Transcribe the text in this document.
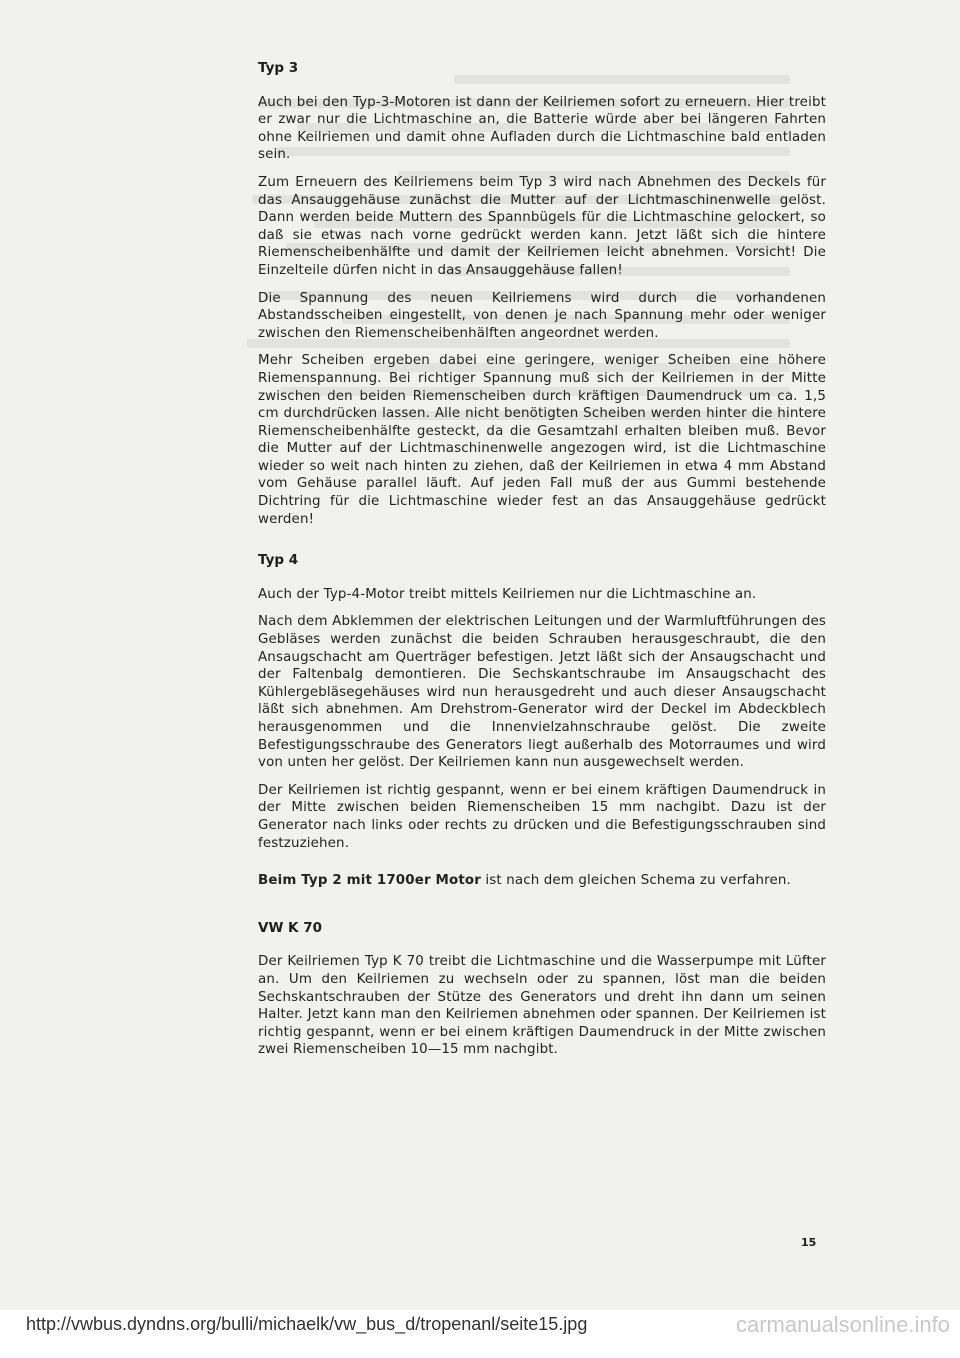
Typ 3

Auch bei den Typ-3-Motoren ist dann der Keilriemen sofort zu erneuern. Hier treibt er zwar nur die Lichtmaschine an, die Batterie würde aber bei längeren Fahrten ohne Keilriemen und damit ohne Aufladen durch die Lichtmaschine bald entladen sein.

Zum Erneuern des Keilriemens beim Typ 3 wird nach Abnehmen des Deckels für das Ansauggehäuse zunächst die Mutter auf der Lichtmaschinenwelle gelöst. Dann werden beide Muttern des Spannbügels für die Lichtmaschine gelockert, so daß sie etwas nach vorne gedrückt werden kann. Jetzt läßt sich die hintere Riemenscheibenhälfte und damit der Keilriemen leicht abnehmen. Vorsicht! Die Einzelteile dürfen nicht in das Ansauggehäuse fallen!

Die Spannung des neuen Keilriemens wird durch die vorhandenen Abstandsscheiben eingestellt, von denen je nach Spannung mehr oder weniger zwischen den Riemenscheibenhälften angeordnet werden.

Mehr Scheiben ergeben dabei eine geringere, weniger Scheiben eine höhere Riemenspannung. Bei richtiger Spannung muß sich der Keilriemen in der Mitte zwischen den beiden Riemenscheiben durch kräftigen Daumendruck um ca. 1,5 cm durchdrücken lassen. Alle nicht benötigten Scheiben werden hinter die hintere Riemenscheibenhälfte gesteckt, da die Gesamtzahl erhalten bleiben muß. Bevor die Mutter auf der Lichtmaschinenwelle angezogen wird, ist die Lichtmaschine wieder so weit nach hinten zu ziehen, daß der Keilriemen in etwa 4 mm Abstand vom Gehäuse parallel läuft. Auf jeden Fall muß der aus Gummi bestehende Dichtring für die Lichtmaschine wieder fest an das Ansauggehäuse gedrückt werden!

Typ 4

Auch der Typ-4-Motor treibt mittels Keilriemen nur die Lichtmaschine an.

Nach dem Abklemmen der elektrischen Leitungen und der Warmluftführungen des Gebläses werden zunächst die beiden Schrauben herausgeschraubt, die den Ansaugschacht am Querträger befestigen. Jetzt läßt sich der Ansaugschacht und der Faltenbalg demontieren. Die Sechskantschraube im Ansaugschacht des Kühlergebläsegehäuses wird nun herausgedreht und auch dieser Ansaugschacht läßt sich abnehmen. Am Drehstrom-Generator wird der Deckel im Abdeckblech herausgenommen und die Innenvielzahnschraube gelöst. Die zweite Befestigungsschraube des Generators liegt außerhalb des Motorraumes und wird von unten her gelöst. Der Keilriemen kann nun ausgewechselt werden.

Der Keilriemen ist richtig gespannt, wenn er bei einem kräftigen Daumendruck in der Mitte zwischen beiden Riemenscheiben 15 mm nachgibt. Dazu ist der Generator nach links oder rechts zu drücken und die Befestigungsschrauben sind festzuziehen.

Beim Typ 2 mit 1700er Motor ist nach dem gleichen Schema zu verfahren.

VW K 70

Der Keilriemen Typ K 70 treibt die Lichtmaschine und die Wasserpumpe mit Lüfter an. Um den Keilriemen zu wechseln oder zu spannen, löst man die beiden Sechskantschrauben der Stütze des Generators und dreht ihn dann um seinen Halter. Jetzt kann man den Keilriemen abnehmen oder spannen. Der Keilriemen ist richtig gespannt, wenn er bei einem kräftigen Daumendruck in der Mitte zwischen zwei Riemenscheiben 10—15 mm nachgibt.

15
http://vwbus.dyndns.org/bulli/michaelk/vw_bus_d/tropenanl/seite15.jpg	carmanualsonline.info
